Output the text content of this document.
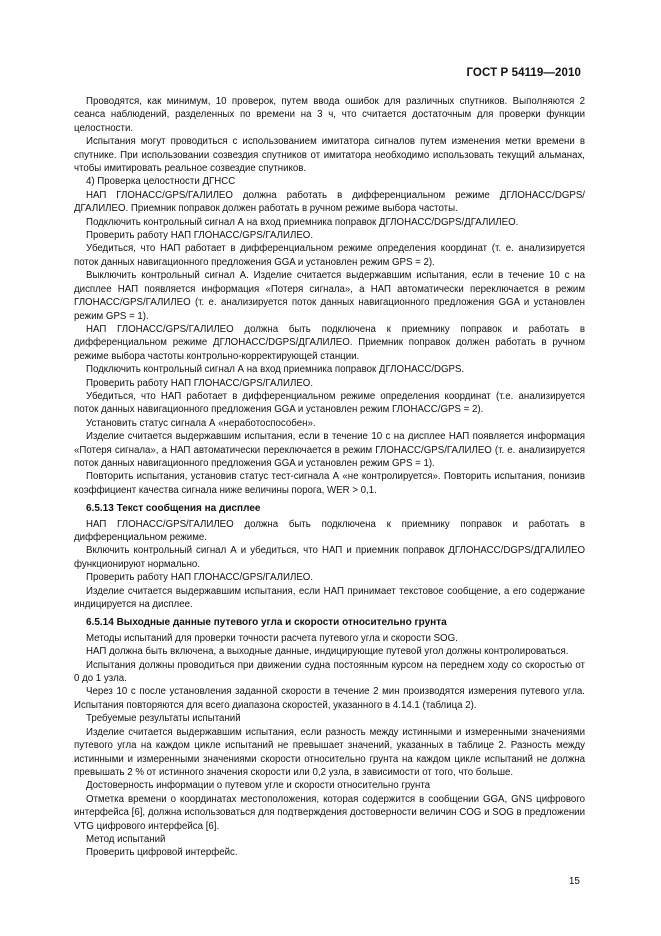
ГОСТ Р 54119—2010

Проводятся, как минимум, 10 проверок, путем ввода ошибок для различных спутников. Выполняются 2 сеанса наблюдений, разделенных по времени на 3 ч, что считается достаточным для проверки функции целостности.

Испытания могут проводиться с использованием имитатора сигналов путем изменения метки времени в спутнике. При использовании созвездия спутников от имитатора необходимо использовать текущий альманах, чтобы имитировать реальное созвездие спутников.

4) Проверка целостности ДГНСС

НАП ГЛОНАСС/GPS/ГАЛИЛЕО должна работать в дифференциальном режиме ДГЛОНАСС/DGPS/ДГАЛИЛЕО. Приемник поправок должен работать в ручном режиме выбора частоты.

Подключить контрольный сигнал А на вход приемника поправок ДГЛОНАСС/DGPS/ДГАЛИЛЕО.

Проверить работу НАП ГЛОНАСС/GPS/ГАЛИЛЕО.

Убедиться, что НАП работает в дифференциальном режиме определения координат (т. е. анализируется поток данных навигационного предложения GGA и установлен режим GPS = 2).

Выключить контрольный сигнал А. Изделие считается выдержавшим испытания, если в течение 10 с на дисплее НАП появляется информация «Потеря сигнала», а НАП автоматически переключается в режим ГЛОНАСС/GPS/ГАЛИЛЕО (т. е. анализируется поток данных навигационного предложения GGA и установлен режим GPS = 1).

НАП ГЛОНАСС/GPS/ГАЛИЛЕО должна быть подключена к приемнику поправок и работать в дифференциальном режиме ДГЛОНАСС/DGPS/ДГАЛИЛЕО. Приемник поправок должен работать в ручном режиме выбора частоты контрольно-корректирующей станции.

Подключить контрольный сигнал А на вход приемника поправок ДГЛОНАСС/DGPS.

Проверить работу НАП ГЛОНАСС/GPS/ГАЛИЛЕО.

Убедиться, что НАП работает в дифференциальном режиме определения координат (т.е. анализируется поток данных навигационного предложения GGA и установлен режим ГЛОНАСС/GPS = 2).

Установить статус сигнала А «неработоспособен».

Изделие считается выдержавшим испытания, если в течение 10 с на дисплее НАП появляется информация «Потеря сигнала», а НАП автоматически переключается в режим ГЛОНАСС/GPS/ГАЛИЛЕО (т. е. анализируется поток данных навигационного предложения GGA и установлен режим GPS = 1).

Повторить испытания, установив статус тест-сигнала А «не контролируется». Повторить испытания, понизив коэффициент качества сигнала ниже величины порога, WER > 0,1.

6.5.13 Текст сообщения на дисплее

НАП ГЛОНАСС/GPS/ГАЛИЛЕО должна быть подключена к приемнику поправок и работать в дифференциальном режиме.

Включить контрольный сигнал А и убедиться, что НАП и приемник поправок ДГЛОНАСС/DGPS/ДГАЛИЛЕО функционируют нормально.

Проверить работу НАП ГЛОНАСС/GPS/ГАЛИЛЕО.

Изделие считается выдержавшим испытания, если НАП принимает текстовое сообщение, а его содержание индицируется на дисплее.

6.5.14 Выходные данные путевого угла и скорости относительно грунта

Методы испытаний для проверки точности расчета путевого угла и скорости SOG.

НАП должна быть включена, а выходные данные, индицирующие путевой угол должны контролироваться.

Испытания должны проводиться при движении судна постоянным курсом на переднем ходу со скоростью от 0 до 1 узла.

Через 10 с после установления заданной скорости в течение 2 мин производятся измерения путевого угла. Испытания повторяются для всего диапазона скоростей, указанного в 4.14.1 (таблица 2).

Требуемые результаты испытаний

Изделие считается выдержавшим испытания, если разность между истинными и измеренными значениями путевого угла на каждом цикле испытаний не превышает значений, указанных в таблице 2. Разность между истинными и измеренными значениями скорости относительно грунта на каждом цикле испытаний не должна превышать 2 % от истинного значения скорости или 0,2 узла, в зависимости от того, что больше.

Достоверность информации о путевом угле и скорости относительно грунта

Отметка времени о координатах местоположения, которая содержится в сообщении GGA, GNS цифрового интерфейса [6], должна использоваться для подтверждения достоверности величин COG и SOG в предложении VTG цифрового интерфейса [6].

Метод испытаний

Проверить цифровой интерфейс.

15
